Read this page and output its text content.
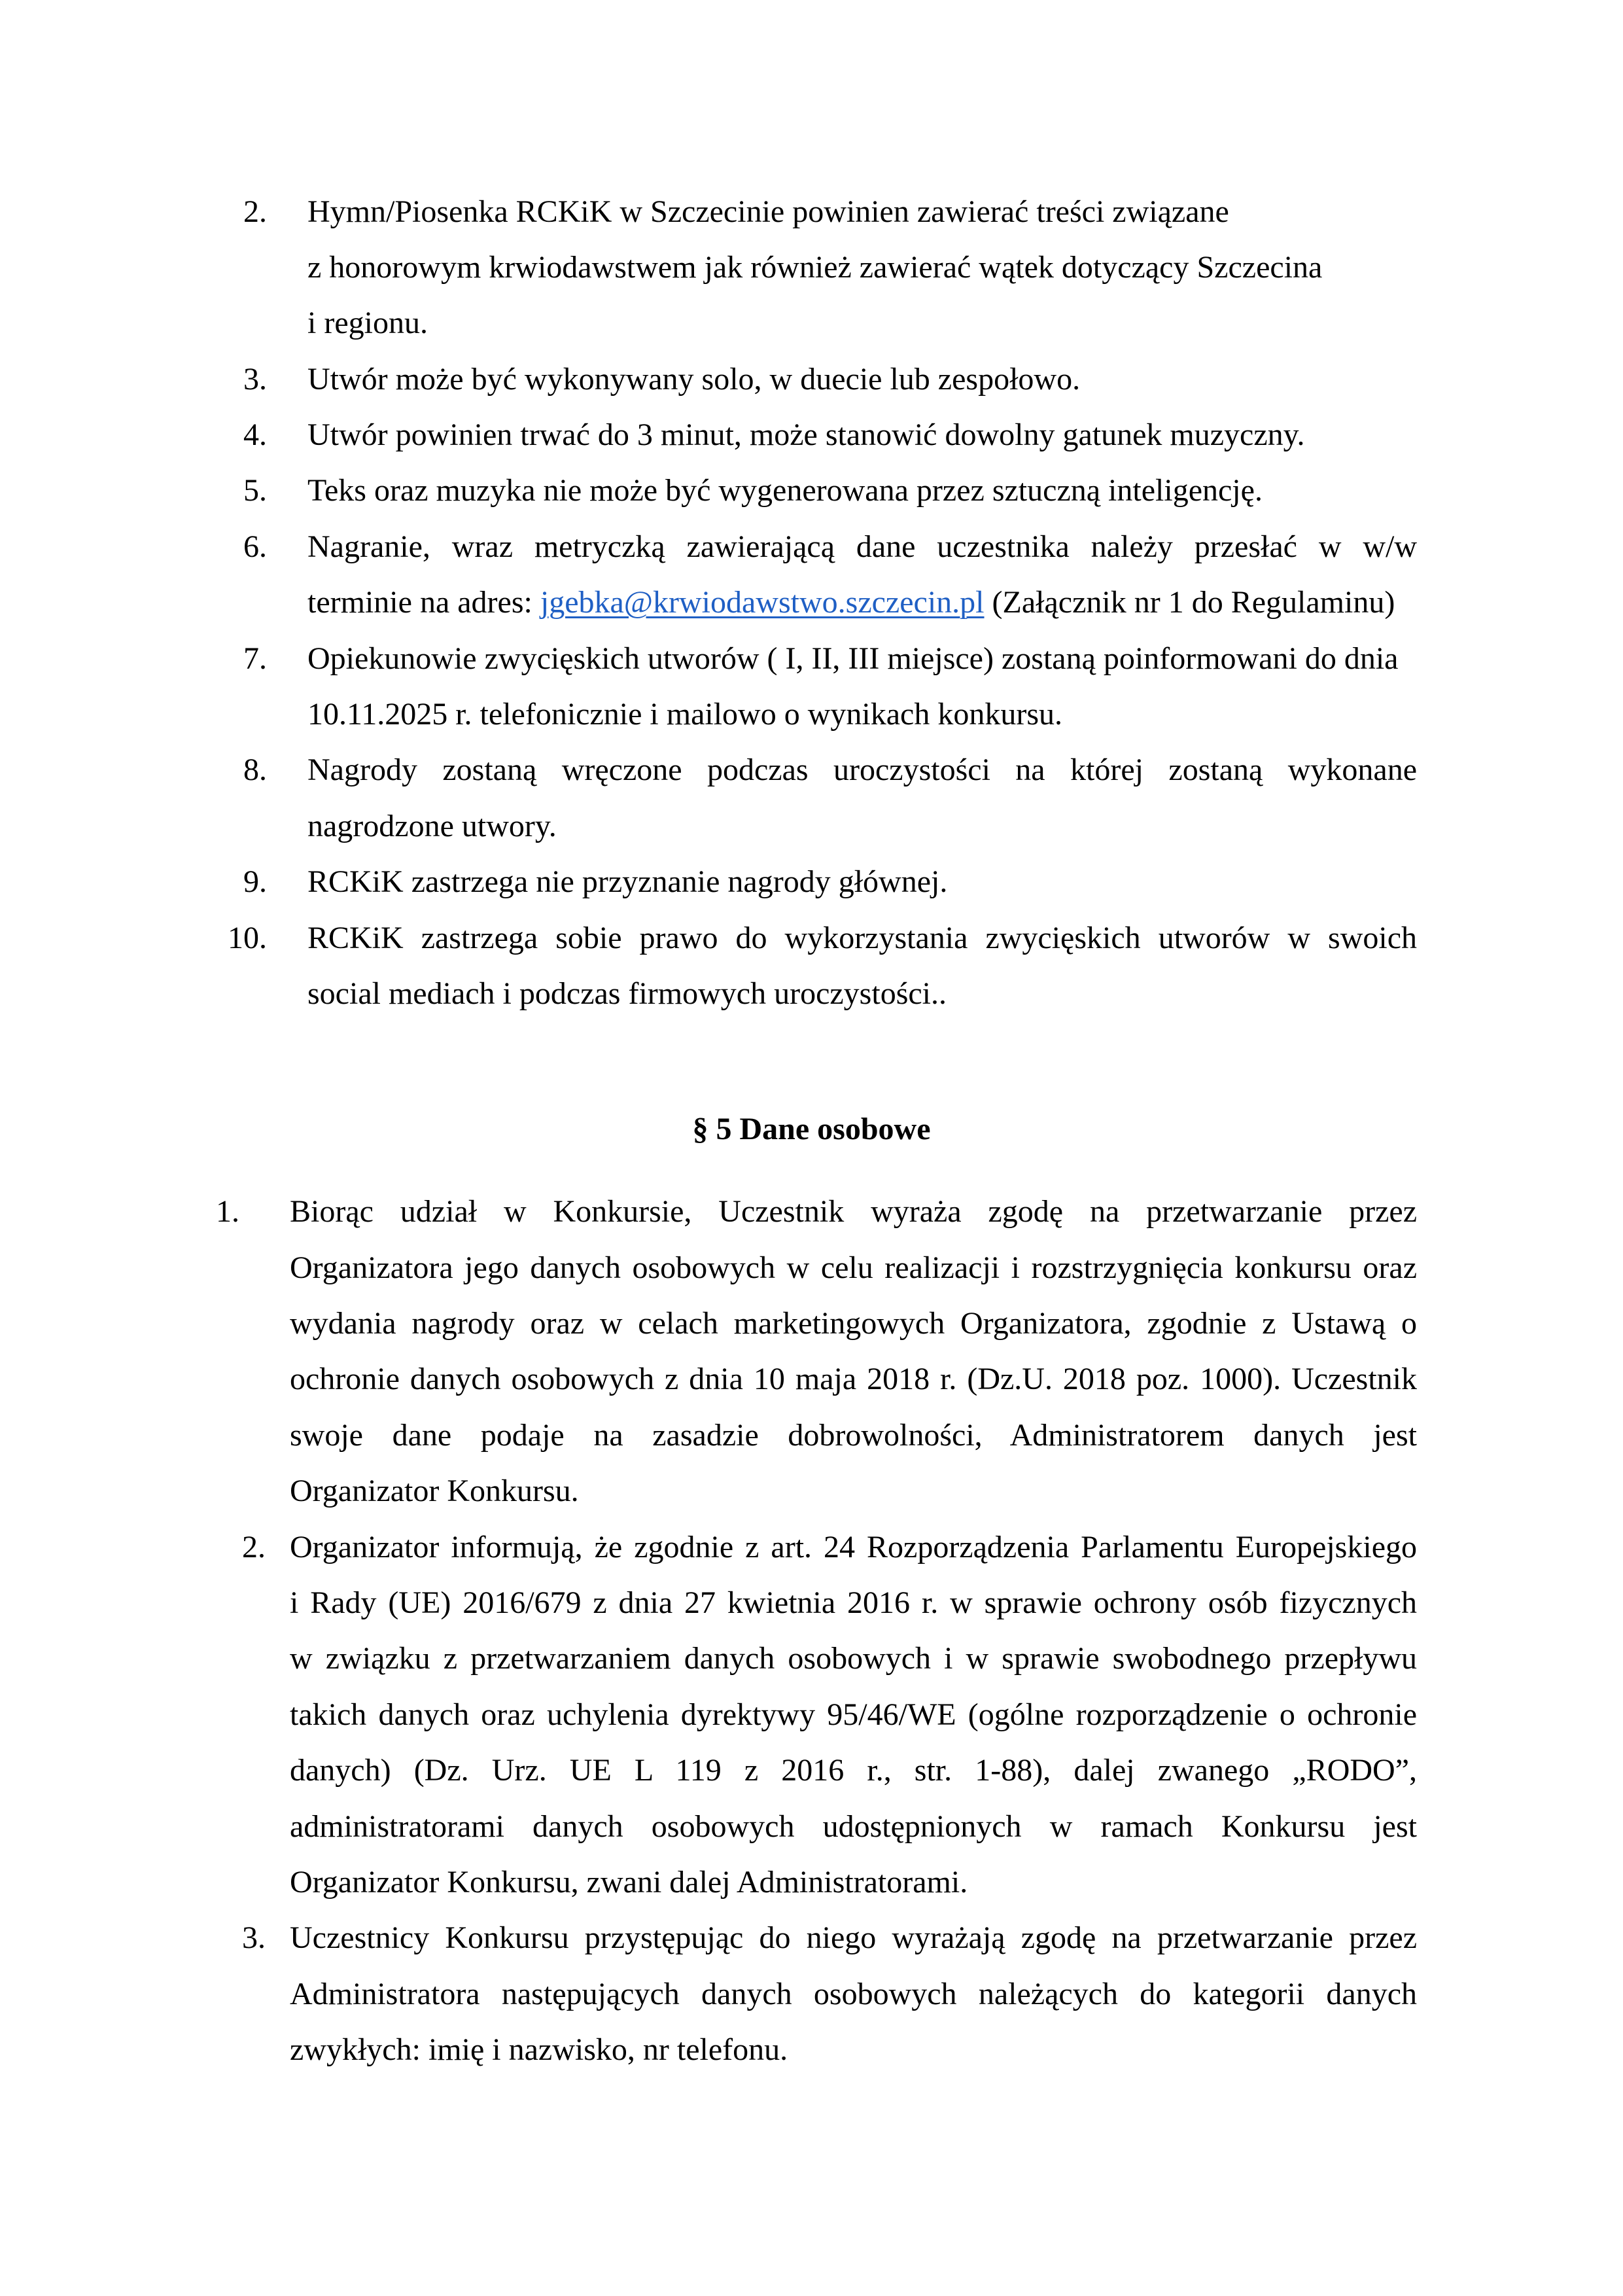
2. Hymn/Piosenka RCKiK w Szczecinie powinien zawierać treści związane
z honorowym krwiodawstwem jak również zawierać wątek dotyczący Szczecina
i regionu.
3. Utwór może być wykonywany solo, w duecie lub zespołowo.
4. Utwór powinien trwać do 3 minut, może stanowić dowolny gatunek muzyczny.
5. Teks oraz muzyka nie może być wygenerowana przez sztuczną inteligencję.
6. Nagranie, wraz metryczką zawierającą dane uczestnika należy przesłać w w/w
terminie na adres: jgebka@krwiodawstwo.szczecin.pl (Załącznik nr 1 do Regulaminu)
7. Opiekunowie zwycięskich utworów ( I, II, III miejsce) zostaną poinformowani do dnia
10.11.2025 r. telefonicznie i mailowo o wynikach konkursu.
8. Nagrody zostaną wręczone podczas uroczystości na której zostaną wykonane
nagrodzone utwory.
9. RCKiK zastrzega nie przyznanie nagrody głównej.
10. RCKiK zastrzega sobie prawo do wykorzystania zwycięskich utworów w swoich
social mediach i podczas firmowych uroczystości..
§ 5 Dane osobowe
1. Biorąc udział w Konkursie, Uczestnik wyraża zgodę na przetwarzanie przez
Organizatora jego danych osobowych w celu realizacji i rozstrzygnięcia konkursu oraz
wydania nagrody oraz w celach marketingowych Organizatora, zgodnie z Ustawą o
ochronie danych osobowych z dnia 10 maja 2018 r. (Dz.U. 2018 poz. 1000). Uczestnik
swoje dane podaje na zasadzie dobrowolności, Administratorem danych jest
Organizator Konkursu.
2. Organizator informują, że zgodnie z art. 24 Rozporządzenia Parlamentu Europejskiego
i Rady (UE) 2016/679 z dnia 27 kwietnia 2016 r. w sprawie ochrony osób fizycznych
w związku z przetwarzaniem danych osobowych i w sprawie swobodnego przepływu
takich danych oraz uchylenia dyrektywy 95/46/WE (ogólne rozporządzenie o ochronie
danych) (Dz. Urz. UE L 119 z 2016 r., str. 1-88), dalej zwanego „RODO”,
administratorami danych osobowych udostępnionych w ramach Konkursu jest
Organizator Konkursu, zwani dalej Administratorami.
3. Uczestnicy Konkursu przystępując do niego wyrażają zgodę na przetwarzanie przez
Administratora następujących danych osobowych należących do kategorii danych
zwykłych: imię i nazwisko, nr telefonu.
